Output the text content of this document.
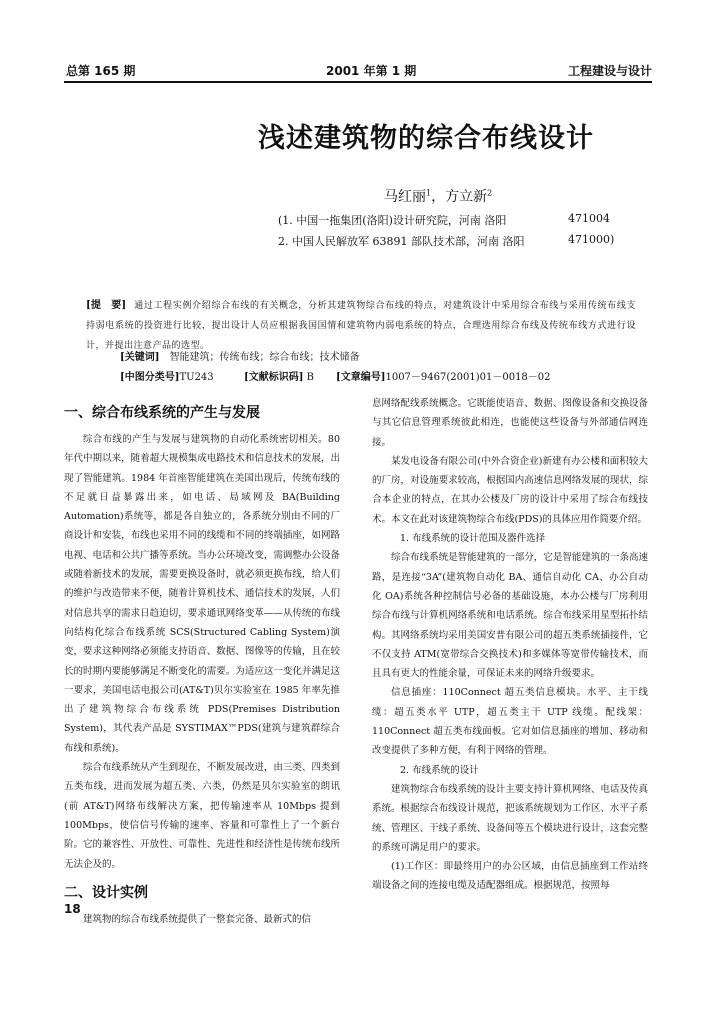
总第 165 期	2001 年第 1 期	工程建设与设计
浅述建筑物的综合布线设计
马红丽$^1$，方立新$^2$
(1. 中国一拖集团(洛阳)设计研究院，河南 洛阳	471004
2. 中国人民解放军 63891 部队技术部，河南 洛阳	471000)
[提　要] 通过工程实例介绍综合布线的有关概念，分析其建筑物综合布线的特点，对建筑设计中采用综合布线与采用传统布线支持弱电系统的投资进行比较，提出设计人员应根据我国国情和建筑物内弱电系统的特点，合理选用综合布线及传统布线方式进行设计，并提出注意产品的选型。
[关键词] 智能建筑；传统布线；综合布线；技术储备
[中图分类号]TU243	[文献标识码] B [文章编号]1007－9467(2001)01－0018－02
一、综合布线系统的产生与发展

综合布线的产生与发展与建筑物的自动化系统密切相关。80 年代中期以来，随着超大规模集成电路技术和信息技术的发展，出现了智能建筑。1984 年首座智能建筑在美国出现后，传统布线的不足就日益暴露出来，如电话、局域网及 BA(Building Automation)系统等，都是各自独立的，各系统分别由不同的厂商设计和安装，布线也采用不同的线缆和不同的终端插座，如网路电视、电话和公共广播等系统。当办公环境改变，需调整办公设备或随着新技术的发展，需要更换设备时，就必须更换布线，给人们的维护与改造带来不便，随着计算机技术、通信技术的发展，人们对信息共享的需求日趋迫切，要求通讯网络变革——从传统的布线向结构化综合布线系统 SCS(Structured Cabling System)演变，要求这种网络必须能支持语音、数据、图像等的传输，且在较长的时期内要能够满足不断变化的需要。为适应这一变化并满足这一要求，美国电话电报公司(AT&T)贝尔实验室在 1985 年率先推出了建筑物综合布线系统 PDS(Premises Distribution System)，其代表产品是 SYSTIMAX™PDS(建筑与建筑群综合布线和系统)。

综合布线系统从产生到现在，不断发展改进，由三类、四类到五类布线，进而发展为超五类、六类，仍然是贝尔实验室的朗讯(前 AT&T)网络布线解决方案，把传输速率从 10Mbps 提到 100Mbps，使信信号传输的速率、容量和可靠性上了一个新台阶。它的兼容性、开放性、可靠性、先进性和经济性是传统布线所无法企及的。

二、设计实例

建筑物的综合布线系统提供了一整套完备、最新式的信

息网络配线系统概念。它既能使语音、数据、图像设备和交换设备与其它信息管理系统彼此相连，也能使这些设备与外部通信网连接。

某发电设备有限公司(中外合资企业)新建有办公楼和面积较大的厂房，对设施要求较高，根据国内高速信息网络发展的现状，综合本企业的特点，在其办公楼及厂房的设计中采用了综合布线技术。本文在此对该建筑物综合布线(PDS)的具体应用作简要介绍。

1. 布线系统的设计范围及器件选择

综合布线系统是智能建筑的一部分，它是智能建筑的一条高速路，是连接“3A”(建筑物自动化 BA、通信自动化 CA、办公自动化 OA)系统各种控制信号必备的基础设施，本办公楼与厂房利用综合布线与计算机网络系统和电话系统。综合布线采用星型拓扑结构。其网络系统均采用美国安普有限公司的超五类系统插接件，它不仅支持 ATM(宽带综合交换技术)和多媒体等宽带传输技术，而且具有更大的性能余量，可保证未来的网络升级要求。

信息插座：110Connect 超五类信息模块。水平、主干线缆：超五类水平 UTP，超五类主干 UTP 线缆。配线架：110Connect 超五类布线面板。它对如信息插座的增加、移动和改变提供了多种方便，有利于网络的管理。

2. 布线系统的设计

建筑物综合布线系统的设计主要支持计算机网络、电话及传真系统。根据综合布线设计规范，把该系统规划为工作区、水平子系统、管理区、干线子系统、设备间等五个模块进行设计，这套完整的系统可满足用户的要求。

(1)工作区：即最终用户的办公区域，由信息插座到工作站终端设备之间的连接电缆及适配器组成。根据规范，按照每

18
